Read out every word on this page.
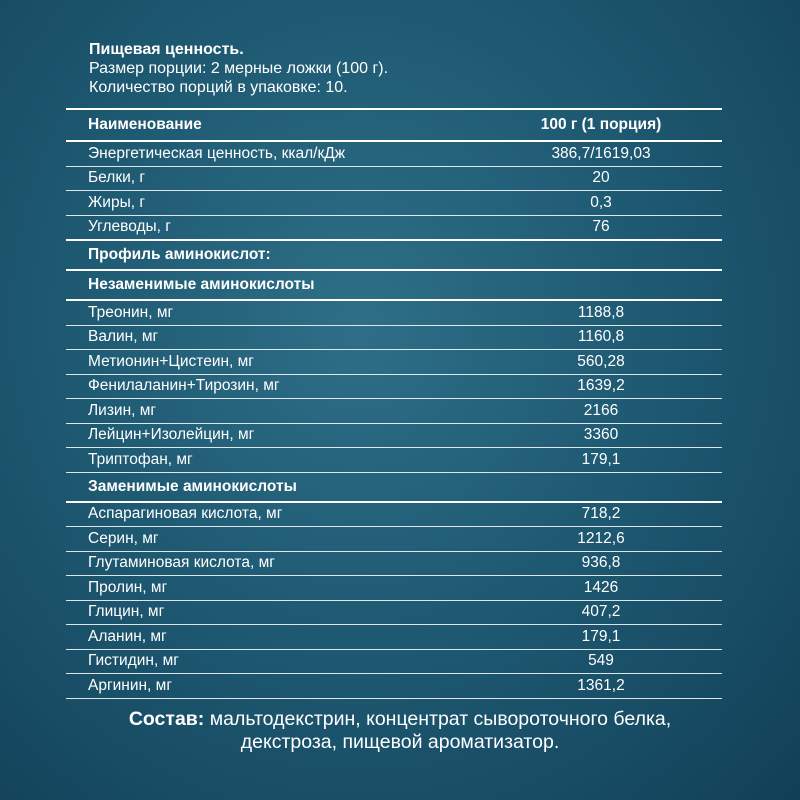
Пищевая ценность.
Размер порции: 2 мерные ложки (100 г).
Количество порций в упаковке: 10.
Наименование	100 г (1 порция)
Энергетическая ценность, ккал/кДж	386,7/1619,03
Белки, г	20
Жиры, г	0,3
Углеводы, г	76
Профиль аминокислот:
Незаменимые аминокислоты
Треонин, мг	1188,8
Валин, мг	1160,8
Метионин+Цистеин, мг	560,28
Фенилаланин+Тирозин, мг	1639,2
Лизин, мг	2166
Лейцин+Изолейцин, мг	3360
Триптофан, мг	179,1
Заменимые аминокислоты
Аспарагиновая кислота, мг	718,2
Серин, мг	1212,6
Глутаминовая кислота, мг	936,8
Пролин, мг	1426
Глицин, мг	407,2
Аланин, мг	179,1
Гистидин, мг	549
Аргинин, мг	1361,2
Состав: мальтодекстрин, концентрат сывороточного белка, декстроза, пищевой ароматизатор.
